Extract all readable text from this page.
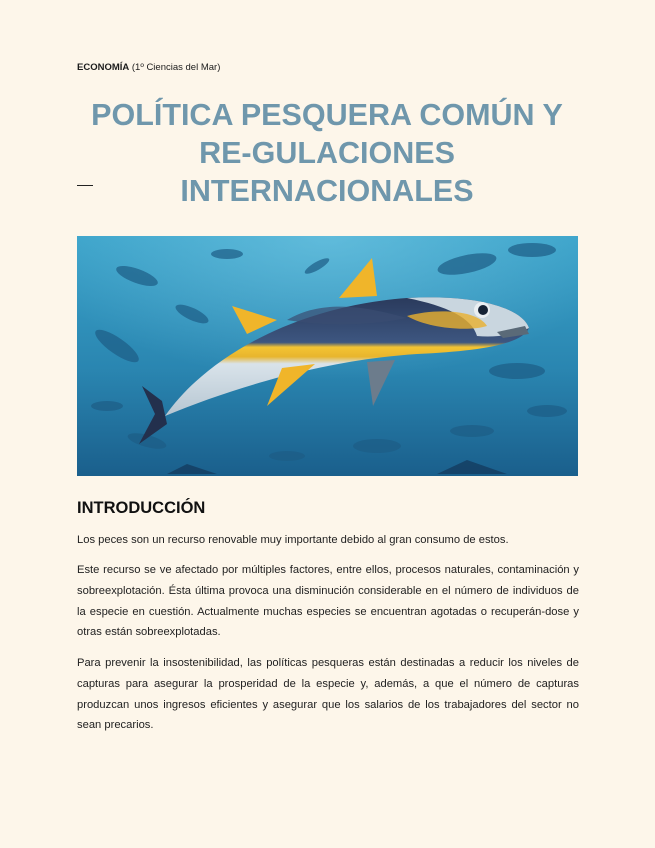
ECONOMÍA (1º Ciencias del Mar)
POLÍTICA PESQUERA COMÚN Y RE-GULACIONES INTERNACIONALES
INTRODUCCIÓN

Los peces son un recurso renovable muy importante debido al gran consumo de estos.

Este recurso se ve afectado por múltiples factores, entre ellos, procesos naturales, contaminación y sobreexplotación. Ésta última provoca una disminución considerable en el número de individuos de la especie en cuestión. Actualmente muchas especies se encuentran agotadas o recuperán-dose y otras están sobreexplotadas.

Para prevenir la insostenibilidad, las políticas pesqueras están destinadas a reducir los niveles de capturas para asegurar la prosperidad de la especie y, además, a que el número de capturas produzcan unos ingresos eficientes y asegurar que los salarios de los trabajadores del sector no sean precarios.
